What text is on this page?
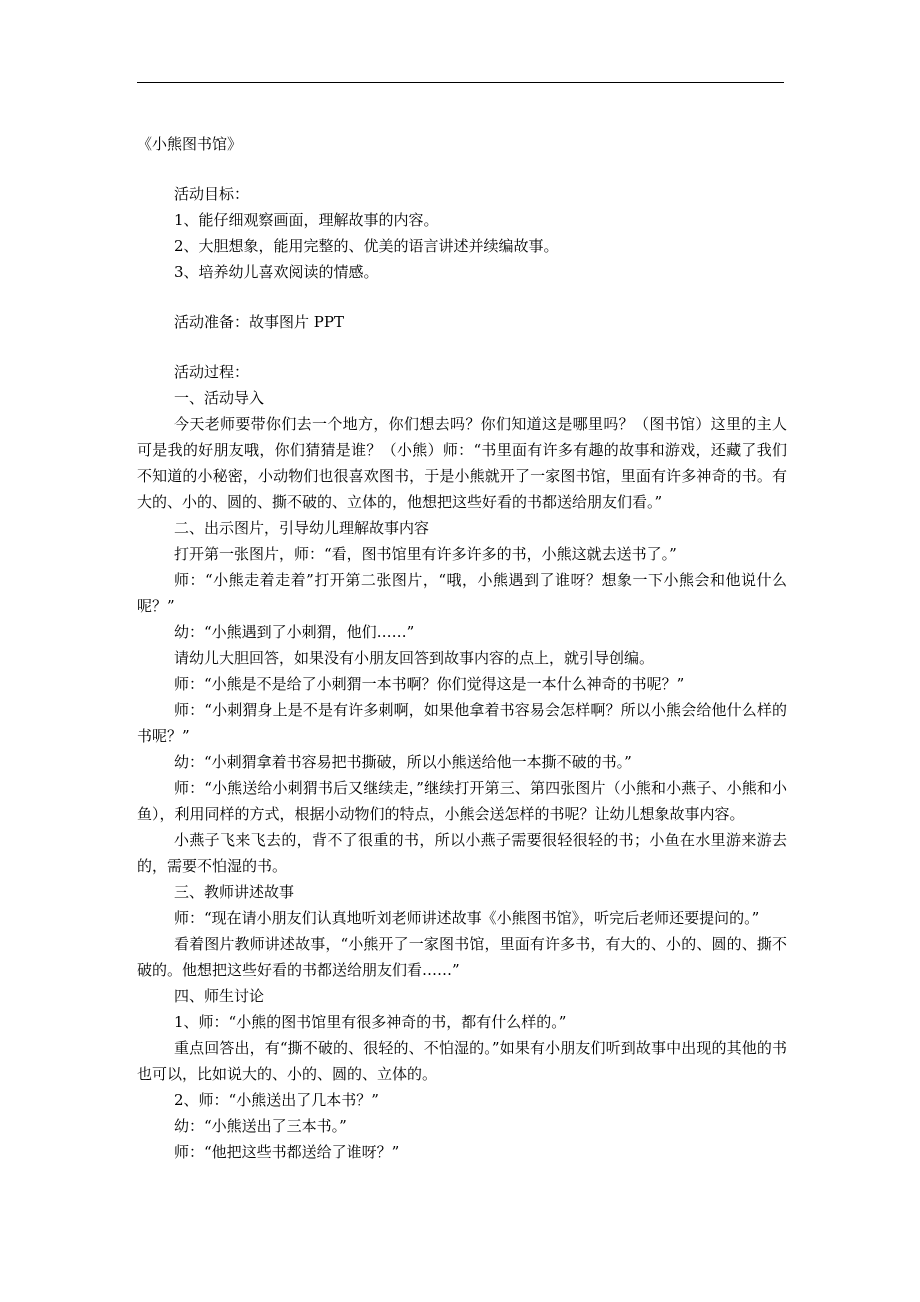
《小熊图书馆》
活动目标：
1、能仔细观察画面，理解故事的内容。
2、大胆想象，能用完整的、优美的语言讲述并续编故事。
3、培养幼儿喜欢阅读的情感。
活动准备：故事图片 PPT
活动过程：
一、活动导入
今天老师要带你们去一个地方，你们想去吗？你们知道这是哪里吗？（图书馆）这里的主人可是我的好朋友哦，你们猜猜是谁？（小熊）师：“书里面有许多有趣的故事和游戏，还藏了我们不知道的小秘密，小动物们也很喜欢图书，于是小熊就开了一家图书馆，里面有许多神奇的书。有大的、小的、圆的、撕不破的、立体的，他想把这些好看的书都送给朋友们看。”
二、出示图片，引导幼儿理解故事内容
打开第一张图片，师：“看，图书馆里有许多许多的书，小熊这就去送书了。”
师：“小熊走着走着”打开第二张图片，“哦，小熊遇到了谁呀？想象一下小熊会和他说什么呢？”
幼：“小熊遇到了小刺猬，他们……”
请幼儿大胆回答，如果没有小朋友回答到故事内容的点上，就引导创编。
师：“小熊是不是给了小刺猬一本书啊？你们觉得这是一本什么神奇的书呢？”
师：“小刺猬身上是不是有许多刺啊，如果他拿着书容易会怎样啊？所以小熊会给他什么样的书呢？”
幼：“小刺猬拿着书容易把书撕破，所以小熊送给他一本撕不破的书。”
师：“小熊送给小刺猬书后又继续走，”继续打开第三、第四张图片（小熊和小燕子、小熊和小鱼），利用同样的方式，根据小动物们的特点，小熊会送怎样的书呢？让幼儿想象故事内容。
小燕子飞来飞去的，背不了很重的书，所以小燕子需要很轻很轻的书；小鱼在水里游来游去的，需要不怕湿的书。
三、教师讲述故事
师：“现在请小朋友们认真地听刘老师讲述故事《小熊图书馆》，听完后老师还要提问的。”
看着图片教师讲述故事，“小熊开了一家图书馆，里面有许多书，有大的、小的、圆的、撕不破的。他想把这些好看的书都送给朋友们看……”
四、师生讨论
1、师：“小熊的图书馆里有很多神奇的书，都有什么样的。”
重点回答出，有“撕不破的、很轻的、不怕湿的。”如果有小朋友们听到故事中出现的其他的书也可以，比如说大的、小的、圆的、立体的。
2、师：“小熊送出了几本书？”
幼：“小熊送出了三本书。”
师：“他把这些书都送给了谁呀？”
